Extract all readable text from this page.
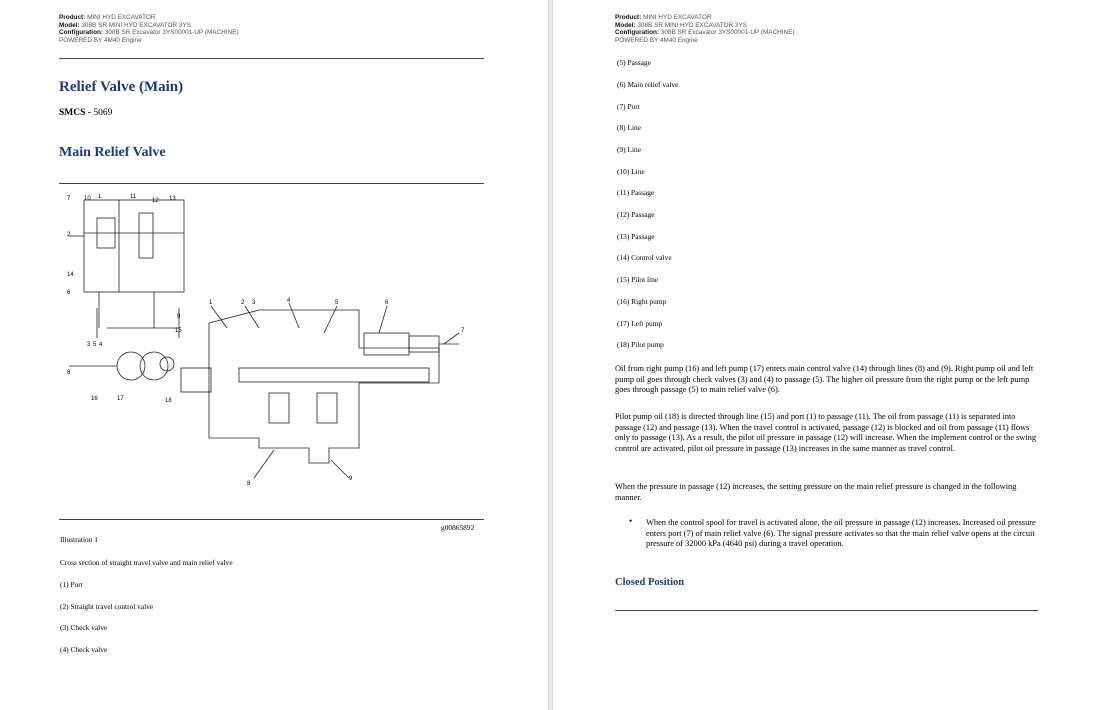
Product: MINI HYD EXCAVATOR
Model: 308B SR MINI HYD EXCAVATOR 3YS
Configuration: 308B SR Excavator 3YS00001-UP (MACHINE)
POWERED BY 4M40 Engine
Relief Valve (Main)
SMCS - 5069
Main Relief Valve
7 10 1	11
12 13
2
14
6
3 5 4
9
15
8
16	17	18
1	2 3	4	5	6
7
8
9
g00865892
Illustration 1
Cross section of straight travel valve and main relief valve
(1) Port
(2) Straight travel control valve
(3) Check valve
(4) Check valve
Product: MINI HYD EXCAVATOR
Model: 308B SR MINI HYD EXCAVATOR 3YS
Configuration: 308B SR Excavator 3YS00001-UP (MACHINE)
POWERED BY 4M40 Engine
(5) Passage
(6) Main relief valve
(7) Port
(8) Line
(9) Line
(10) Line
(11) Passage
(12) Passage
(13) Passage
(14) Control valve
(15) Pilot line
(16) Right pump
(17) Left pump
(18) Pilot pump
Oil from right pump (16) and left pump (17) enters main control valve (14) through lines (8) and (9). Right pump oil and left pump oil goes through check valves (3) and (4) to passage (5). The higher oil pressure from the right pump or the left pump goes through passage (5) to main relief valve (6).
Pilot pump oil (18) is directed through line (15) and port (1) to passage (11). The oil from passage (11) is separated into passage (12) and passage (13). When the travel control is activated, passage (12) is blocked and oil from passage (11) flows only to passage (13). As a result, the pilot oil pressure in passage (12) will increase. When the implement control or the swing control are activated, pilot oil pressure in passage (13) increases in the same manner as travel control.
When the pressure in passage (12) increases, the setting pressure on the main relief pressure is changed in the following manner.
• When the control spool for travel is activated alone, the oil pressure in passage (12) increases. Increased oil pressure enters port (7) of main relief valve (6). The signal pressure activates so that the main relief valve opens at the circuit pressure of 32000 kPa (4640 psi) during a travel operation.
Closed Position
